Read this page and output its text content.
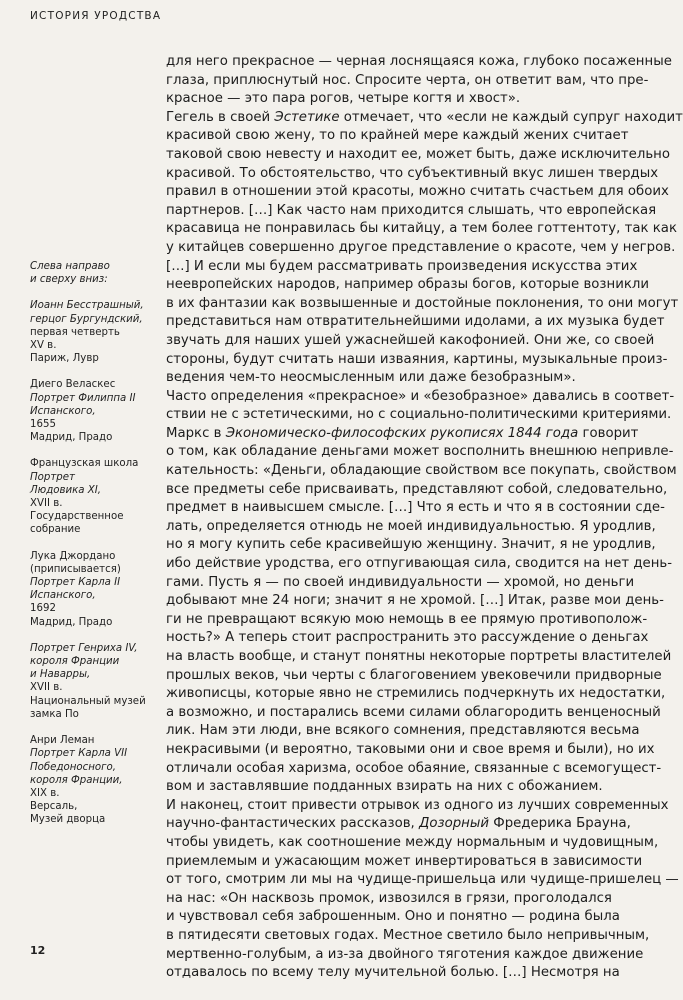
ИСТОРИЯ УРОДСТВА
Слева направо
и сверху вниз:
Иоанн Бесстрашный,
герцог Бургундский,
первая четверть
XV в.
Париж, Лувр
Диего Веласкес
Портрет Филиппа II
Испанского,
1655
Мадрид, Прадо
Французская школа
Портрет
Людовика XI,
XVII в.
Государственное
собрание
Лука Джордано
(приписывается)
Портрет Карла II
Испанского,
1692
Мадрид, Прадо
Портрет Генриха IV,
короля Франции
и Наварры,
XVII в.
Национальный музей
замка По
Анри Леман
Портрет Карла VII
Победоносного,
короля Франции,
XIX в.
Версаль,
Музей дворца
для него прекрасное — черная лоснящаяся кожа, глубоко посаженные
глаза, приплюснутый нос. Спросите черта, он ответит вам, что пре-
красное — это пара рогов, четыре когтя и хвост».
Гегель в своей Эстетике отмечает, что «если не каждый супруг находит
красивой свою жену, то по крайней мере каждый жених считает
таковой свою невесту и находит ее, может быть, даже исключительно
красивой. То обстоятельство, что субъективный вкус лишен твердых
правил в отношении этой красоты, можно считать счастьем для обоих
партнеров. […] Как часто нам приходится слышать, что европейская
красавица не понравилась бы китайцу, а тем более готтентоту, так как
у китайцев совершенно другое представление о красоте, чем у негров.
[…] И если мы будем рассматривать произведения искусства этих
неевропейских народов, например образы богов, которые возникли
в их фантазии как возвышенные и достойные поклонения, то они могут
представиться нам отвратительнейшими идолами, а их музыка будет
звучать для наших ушей ужаснейшей какофонией. Они же, со своей
стороны, будут считать наши изваяния, картины, музыкальные произ-
ведения чем-то неосмысленным или даже безобразным».
Часто определения «прекрасное» и «безобразное» давались в соответ-
ствии не с эстетическими, но с социально-политическими критериями.
Маркс в Экономическо-философских рукописях 1844 года говорит
о том, как обладание деньгами может восполнить внешнюю непривле-
кательность: «Деньги, обладающие свойством все покупать, свойством
все предметы себе присваивать, представляют собой, следовательно,
предмет в наивысшем смысле. […] Что я есть и что я в состоянии сде-
лать, определяется отнюдь не моей индивидуальностью. Я уродлив,
но я могу купить себе красивейшую женщину. Значит, я не уродлив,
ибо действие уродства, его отпугивающая сила, сводится на нет день-
гами. Пусть я — по своей индивидуальности — хромой, но деньги
добывают мне 24 ноги; значит я не хромой. […] Итак, разве мои день-
ги не превращают всякую мою немощь в ее прямую противополож-
ность?» А теперь стоит распространить это рассуждение о деньгах
на власть вообще, и станут понятны некоторые портреты властителей
прошлых веков, чьи черты с благоговением увековечили придворные
живописцы, которые явно не стремились подчеркнуть их недостатки,
а возможно, и постарались всеми силами облагородить венценосный
лик. Нам эти люди, вне всякого сомнения, представляются весьма
некрасивыми (и вероятно, таковыми они и свое время и были), но их
отличали особая харизма, особое обаяние, связанные с всемогущест-
вом и заставлявшие подданных взирать на них с обожанием.
И наконец, стоит привести отрывок из одного из лучших современных
научно-фантастических рассказов, Дозорный Фредерика Брауна,
чтобы увидеть, как соотношение между нормальным и чудовищным,
приемлемым и ужасающим может инвертироваться в зависимости
от того, смотрим ли мы на чудище-пришельца или чудище-пришелец —
на нас: «Он насквозь промок, извозился в грязи, проголодался
и чувствовал себя заброшенным. Оно и понятно — родина была
в пятидесяти световых годах. Местное светило было непривычным,
мертвенно-голубым, а из-за двойного тяготения каждое движение
отдавалось по всему телу мучительной болью. […] Несмотря на
12
